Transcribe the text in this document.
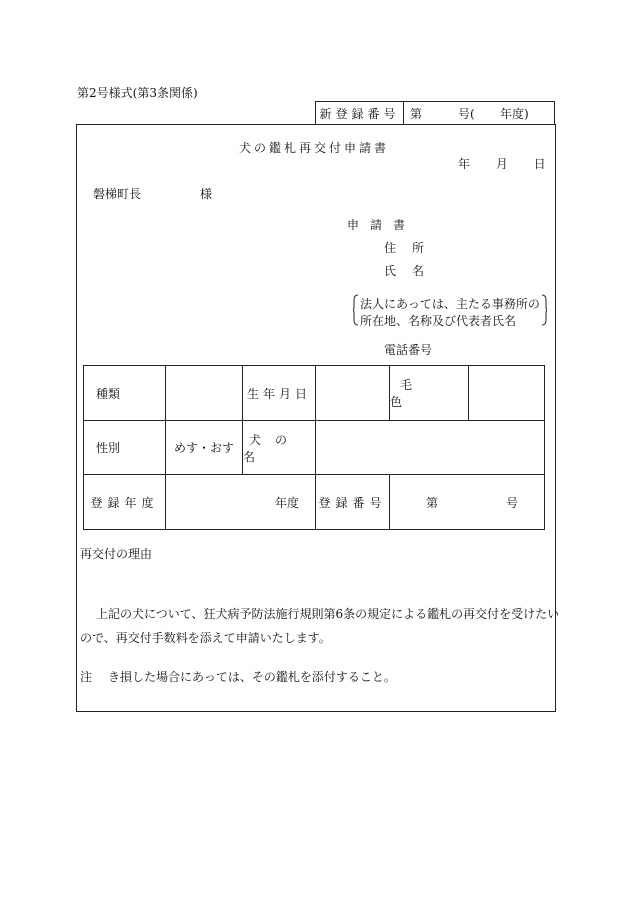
第2号様式(第3条関係)
新登録番号 第	号(	年度)
犬の鑑札再交付申請書
年 月 日
磐梯町長	様
申請書
住所
氏名
法人にあっては、主たる事務所の
所在地、名称及び代表者氏名
電話番号
種類		生年月日		毛色	

性別	めす・おす	犬の名			
登録年度	年度		登録番号	第 号	
再交付の理由
上記の犬について、狂犬病予防法施行規則第6条の規定による鑑札の再交付を受けたい
ので、再交付手数料を添えて申請いたします。
注 き損した場合にあっては、その鑑札を添付すること。
